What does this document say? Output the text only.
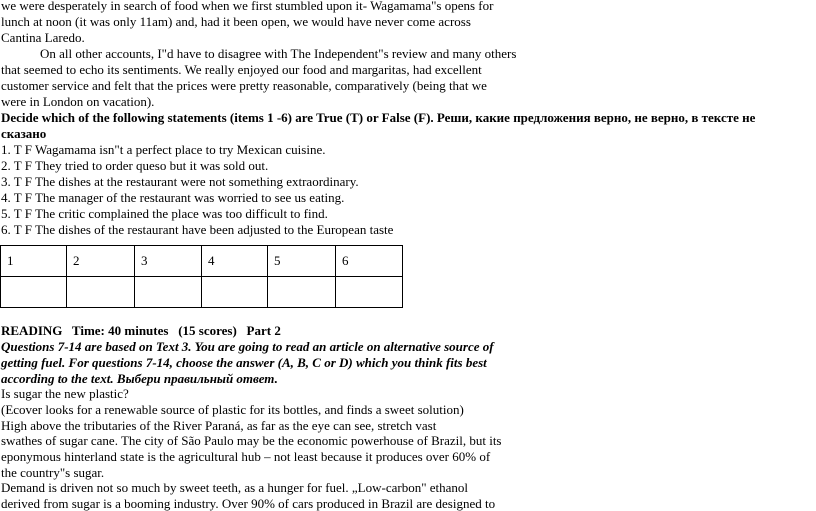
we were desperately in search of food when we first stumbled upon it- Wagamama"s opens for
lunch at noon (it was only 11am) and, had it been open, we would have never come across
Cantina Laredo.
On all other accounts, I"d have to disagree with The Independent"s review and many others
that seemed to echo its sentiments. We really enjoyed our food and margaritas, had excellent
customer service and felt that the prices were pretty reasonable, comparatively (being that we
were in London on vacation).
Decide which of the following statements (items 1 -6) are True (T) or False (F). Реши, какие предложения верно, не верно, в тексте не
сказано
1. T F Wagamama isn"t a perfect place to try Mexican cuisine.
2. T F They tried to order queso but it was sold out.
3. T F The dishes at the restaurant were not something extraordinary.
4. T F The manager of the restaurant was worried to see us eating.
5. T F The critic complained the place was too difficult to find.
6. T F The dishes of the restaurant have been adjusted to the European taste
1	2	3	4	5	6

READING   Time: 40 minutes   (15 scores)   Part 2
Questions 7-14 are based on Text 3. You are going to read an article on alternative source of
getting fuel. For questions 7-14, choose the answer (A, B, C or D) which you think fits best
according to the text. Выбери правильный ответ.
Is sugar the new plastic?
(Ecover looks for a renewable source of plastic for its bottles, and finds a sweet solution)
High above the tributaries of the River Paraná, as far as the eye can see, stretch vast
swathes of sugar cane. The city of São Paulo may be the economic powerhouse of Brazil, but its
eponymous hinterland state is the agricultural hub – not least because it produces over 60% of
the country"s sugar.
Demand is driven not so much by sweet teeth, as a hunger for fuel. „Low-carbon" ethanol
derived from sugar is a booming industry. Over 90% of cars produced in Brazil are designed to
